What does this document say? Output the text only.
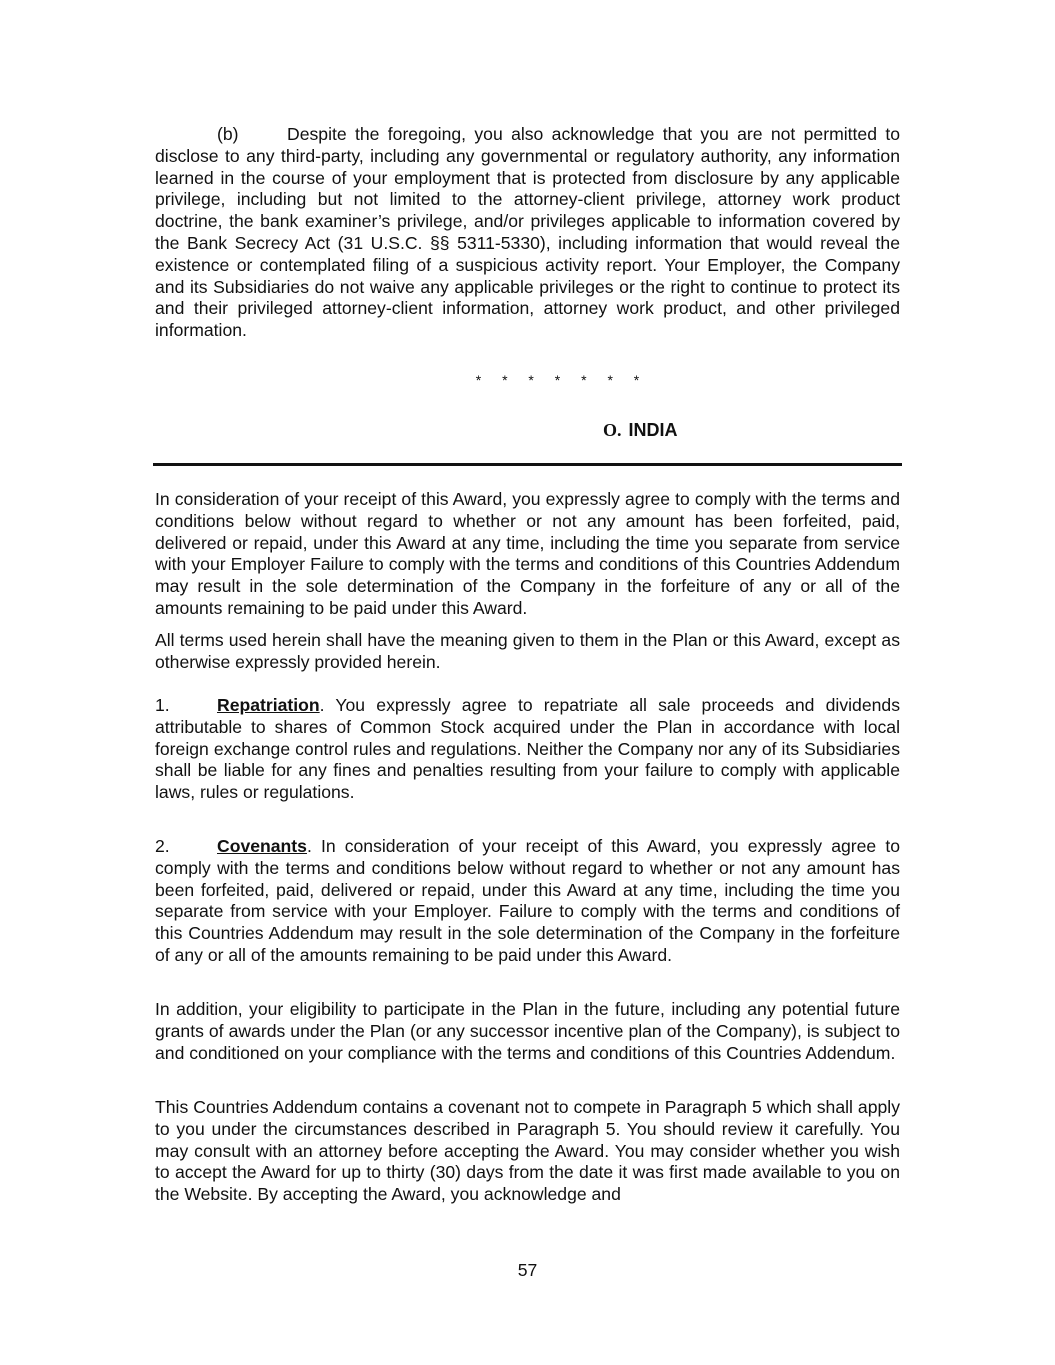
(b)	Despite the foregoing, you also acknowledge that you are not permitted to disclose to any third-party, including any governmental or regulatory authority, any information learned in the course of your employment that is protected from disclosure by any applicable privilege, including but not limited to the attorney-client privilege, attorney work product doctrine, the bank examiner’s privilege, and/or privileges applicable to information covered by the Bank Secrecy Act (31 U.S.C. §§ 5311-5330), including information that would reveal the existence or contemplated filing of a suspicious activity report. Your Employer, the Company and its Subsidiaries do not waive any applicable privileges or the right to continue to protect its and their privileged attorney-client information, attorney work product, and other privileged information.

* * * * * * *
O. INDIA

In consideration of your receipt of this Award, you expressly agree to comply with the terms and conditions below without regard to whether or not any amount has been forfeited, paid, delivered or repaid, under this Award at any time, including the time you separate from service with your Employer Failure to comply with the terms and conditions of this Countries Addendum may result in the sole determination of the Company in the forfeiture of any or all of the amounts remaining to be paid under this Award.

All terms used herein shall have the meaning given to them in the Plan or this Award, except as otherwise expressly provided herein.

1.	Repatriation. You expressly agree to repatriate all sale proceeds and dividends attributable to shares of Common Stock acquired under the Plan in accordance with local foreign exchange control rules and regulations. Neither the Company nor any of its Subsidiaries shall be liable for any fines and penalties resulting from your failure to comply with applicable laws, rules or regulations.

2.	Covenants. In consideration of your receipt of this Award, you expressly agree to comply with the terms and conditions below without regard to whether or not any amount has been forfeited, paid, delivered or repaid, under this Award at any time, including the time you separate from service with your Employer. Failure to comply with the terms and conditions of this Countries Addendum may result in the sole determination of the Company in the forfeiture of any or all of the amounts remaining to be paid under this Award.

In addition, your eligibility to participate in the Plan in the future, including any potential future grants of awards under the Plan (or any successor incentive plan of the Company), is subject to and conditioned on your compliance with the terms and conditions of this Countries Addendum.

This Countries Addendum contains a covenant not to compete in Paragraph 5 which shall apply to you under the circumstances described in Paragraph 5. You should review it carefully. You may consult with an attorney before accepting the Award. You may consider whether you wish to accept the Award for up to thirty (30) days from the date it was first made available to you on the Website. By accepting the Award, you acknowledge and

57
